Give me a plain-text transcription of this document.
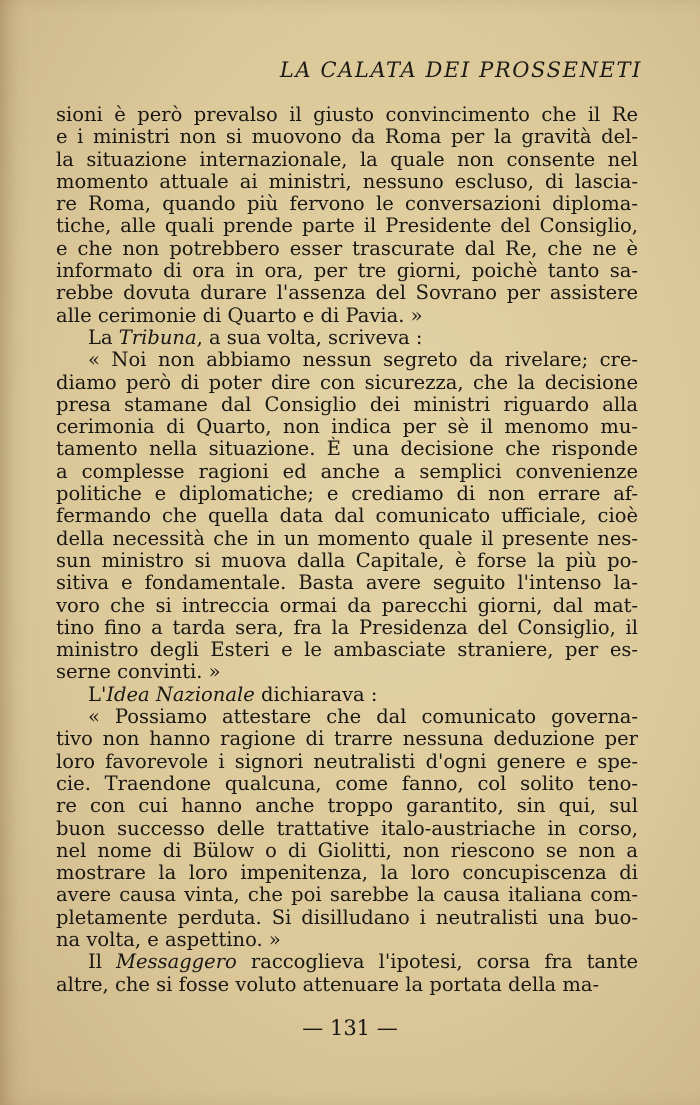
LA CALATA DEI PROSSENETI
sioni è però prevalso il giusto convincimento che il Re
e i ministri non si muovono da Roma per la gravità del-
la situazione internazionale, la quale non consente nel
momento attuale ai ministri, nessuno escluso, di lascia-
re Roma, quando più fervono le conversazioni diploma-
tiche, alle quali prende parte il Presidente del Consiglio,
e che non potrebbero esser trascurate dal Re, che ne è
informato di ora in ora, per tre giorni, poichè tanto sa-
rebbe dovuta durare l'assenza del Sovrano per assistere
alle cerimonie di Quarto e di Pavia. »
La Tribuna, a sua volta, scriveva :
« Noi non abbiamo nessun segreto da rivelare; cre-
diamo però di poter dire con sicurezza, che la decisione
presa stamane dal Consiglio dei ministri riguardo alla
cerimonia di Quarto, non indica per sè il menomo mu-
tamento nella situazione. È una decisione che risponde
a complesse ragioni ed anche a semplici convenienze
politiche e diplomatiche; e crediamo di non errare af-
fermando che quella data dal comunicato ufficiale, cioè
della necessità che in un momento quale il presente nes-
sun ministro si muova dalla Capitale, è forse la più po-
sitiva e fondamentale. Basta avere seguito l'intenso la-
voro che si intreccia ormai da parecchi giorni, dal mat-
tino fino a tarda sera, fra la Presidenza del Consiglio, il
ministro degli Esteri e le ambasciate straniere, per es-
serne convinti. »
L'Idea Nazionale dichiarava :
« Possiamo attestare che dal comunicato governa-
tivo non hanno ragione di trarre nessuna deduzione per
loro favorevole i signori neutralisti d'ogni genere e spe-
cie. Traendone qualcuna, come fanno, col solito teno-
re con cui hanno anche troppo garantito, sin qui, sul
buon successo delle trattative italo-austriache in corso,
nel nome di Bülow o di Giolitti, non riescono se non a
mostrare la loro impenitenza, la loro concupiscenza di
avere causa vinta, che poi sarebbe la causa italiana com-
pletamente perduta. Si disilludano i neutralisti una buo-
na volta, e aspettino. »
Il Messaggero raccoglieva l'ipotesi, corsa fra tante
altre, che si fosse voluto attenuare la portata della ma-
— 131 —
